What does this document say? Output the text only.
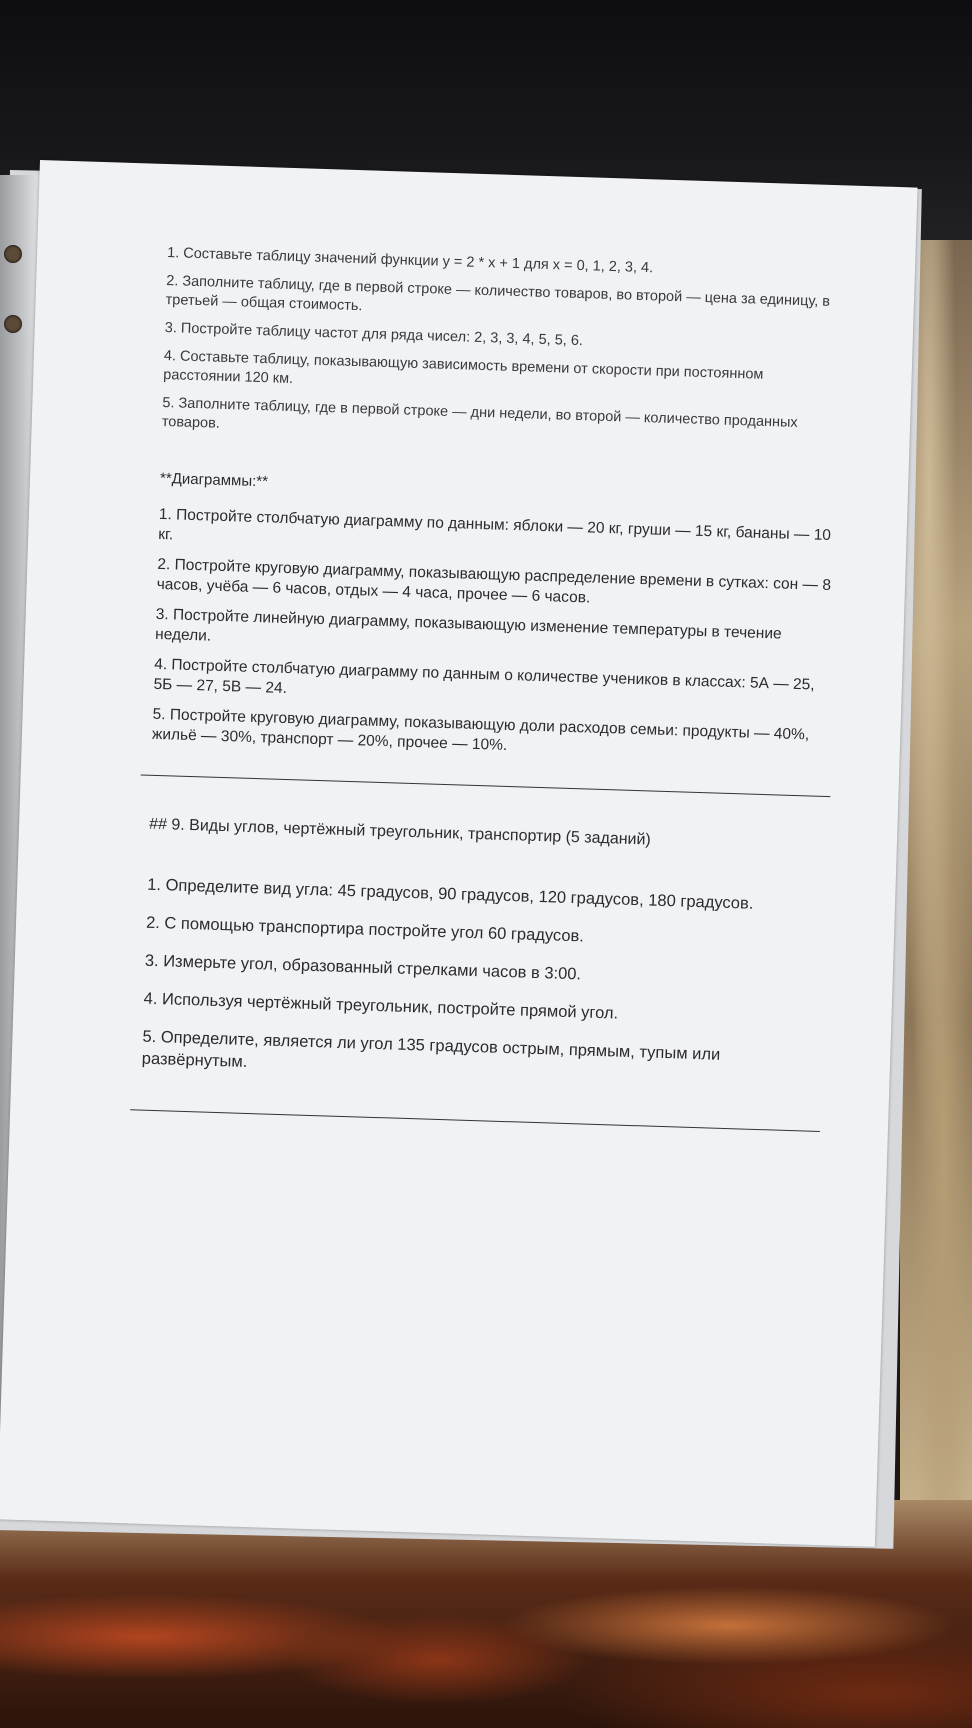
1. Составьте таблицу значений функции y = 2 * x + 1 для x = 0, 1, 2, 3, 4.
2. Заполните таблицу, где в первой строке — количество товаров, во второй — цена за единицу, в третьей — общая стоимость.
3. Постройте таблицу частот для ряда чисел: 2, 3, 3, 4, 5, 5, 6.
4. Составьте таблицу, показывающую зависимость времени от скорости при постоянном расстоянии 120 км.
5. Заполните таблицу, где в первой строке — дни недели, во второй — количество проданных товаров.
**Диаграммы:**
1. Постройте столбчатую диаграмму по данным: яблоки — 20 кг, груши — 15 кг, бананы — 10 кг.
2. Постройте круговую диаграмму, показывающую распределение времени в сутках: сон — 8 часов, учёба — 6 часов, отдых — 4 часа, прочее — 6 часов.
3. Постройте линейную диаграмму, показывающую изменение температуры в течение недели.
4. Постройте столбчатую диаграмму по данным о количестве учеников в классах: 5А — 25, 5Б — 27, 5В — 24.
5. Постройте круговую диаграмму, показывающую доли расходов семьи: продукты — 40%, жильё — 30%, транспорт — 20%, прочее — 10%.
## 9. Виды углов, чертёжный треугольник, транспортир (5 заданий)
1. Определите вид угла: 45 градусов, 90 градусов, 120 градусов, 180 градусов.
2. С помощью транспортира постройте угол 60 градусов.
3. Измерьте угол, образованный стрелками часов в 3:00.
4. Используя чертёжный треугольник, постройте прямой угол.
5. Определите, является ли угол 135 градусов острым, прямым, тупым или развёрнутым.
